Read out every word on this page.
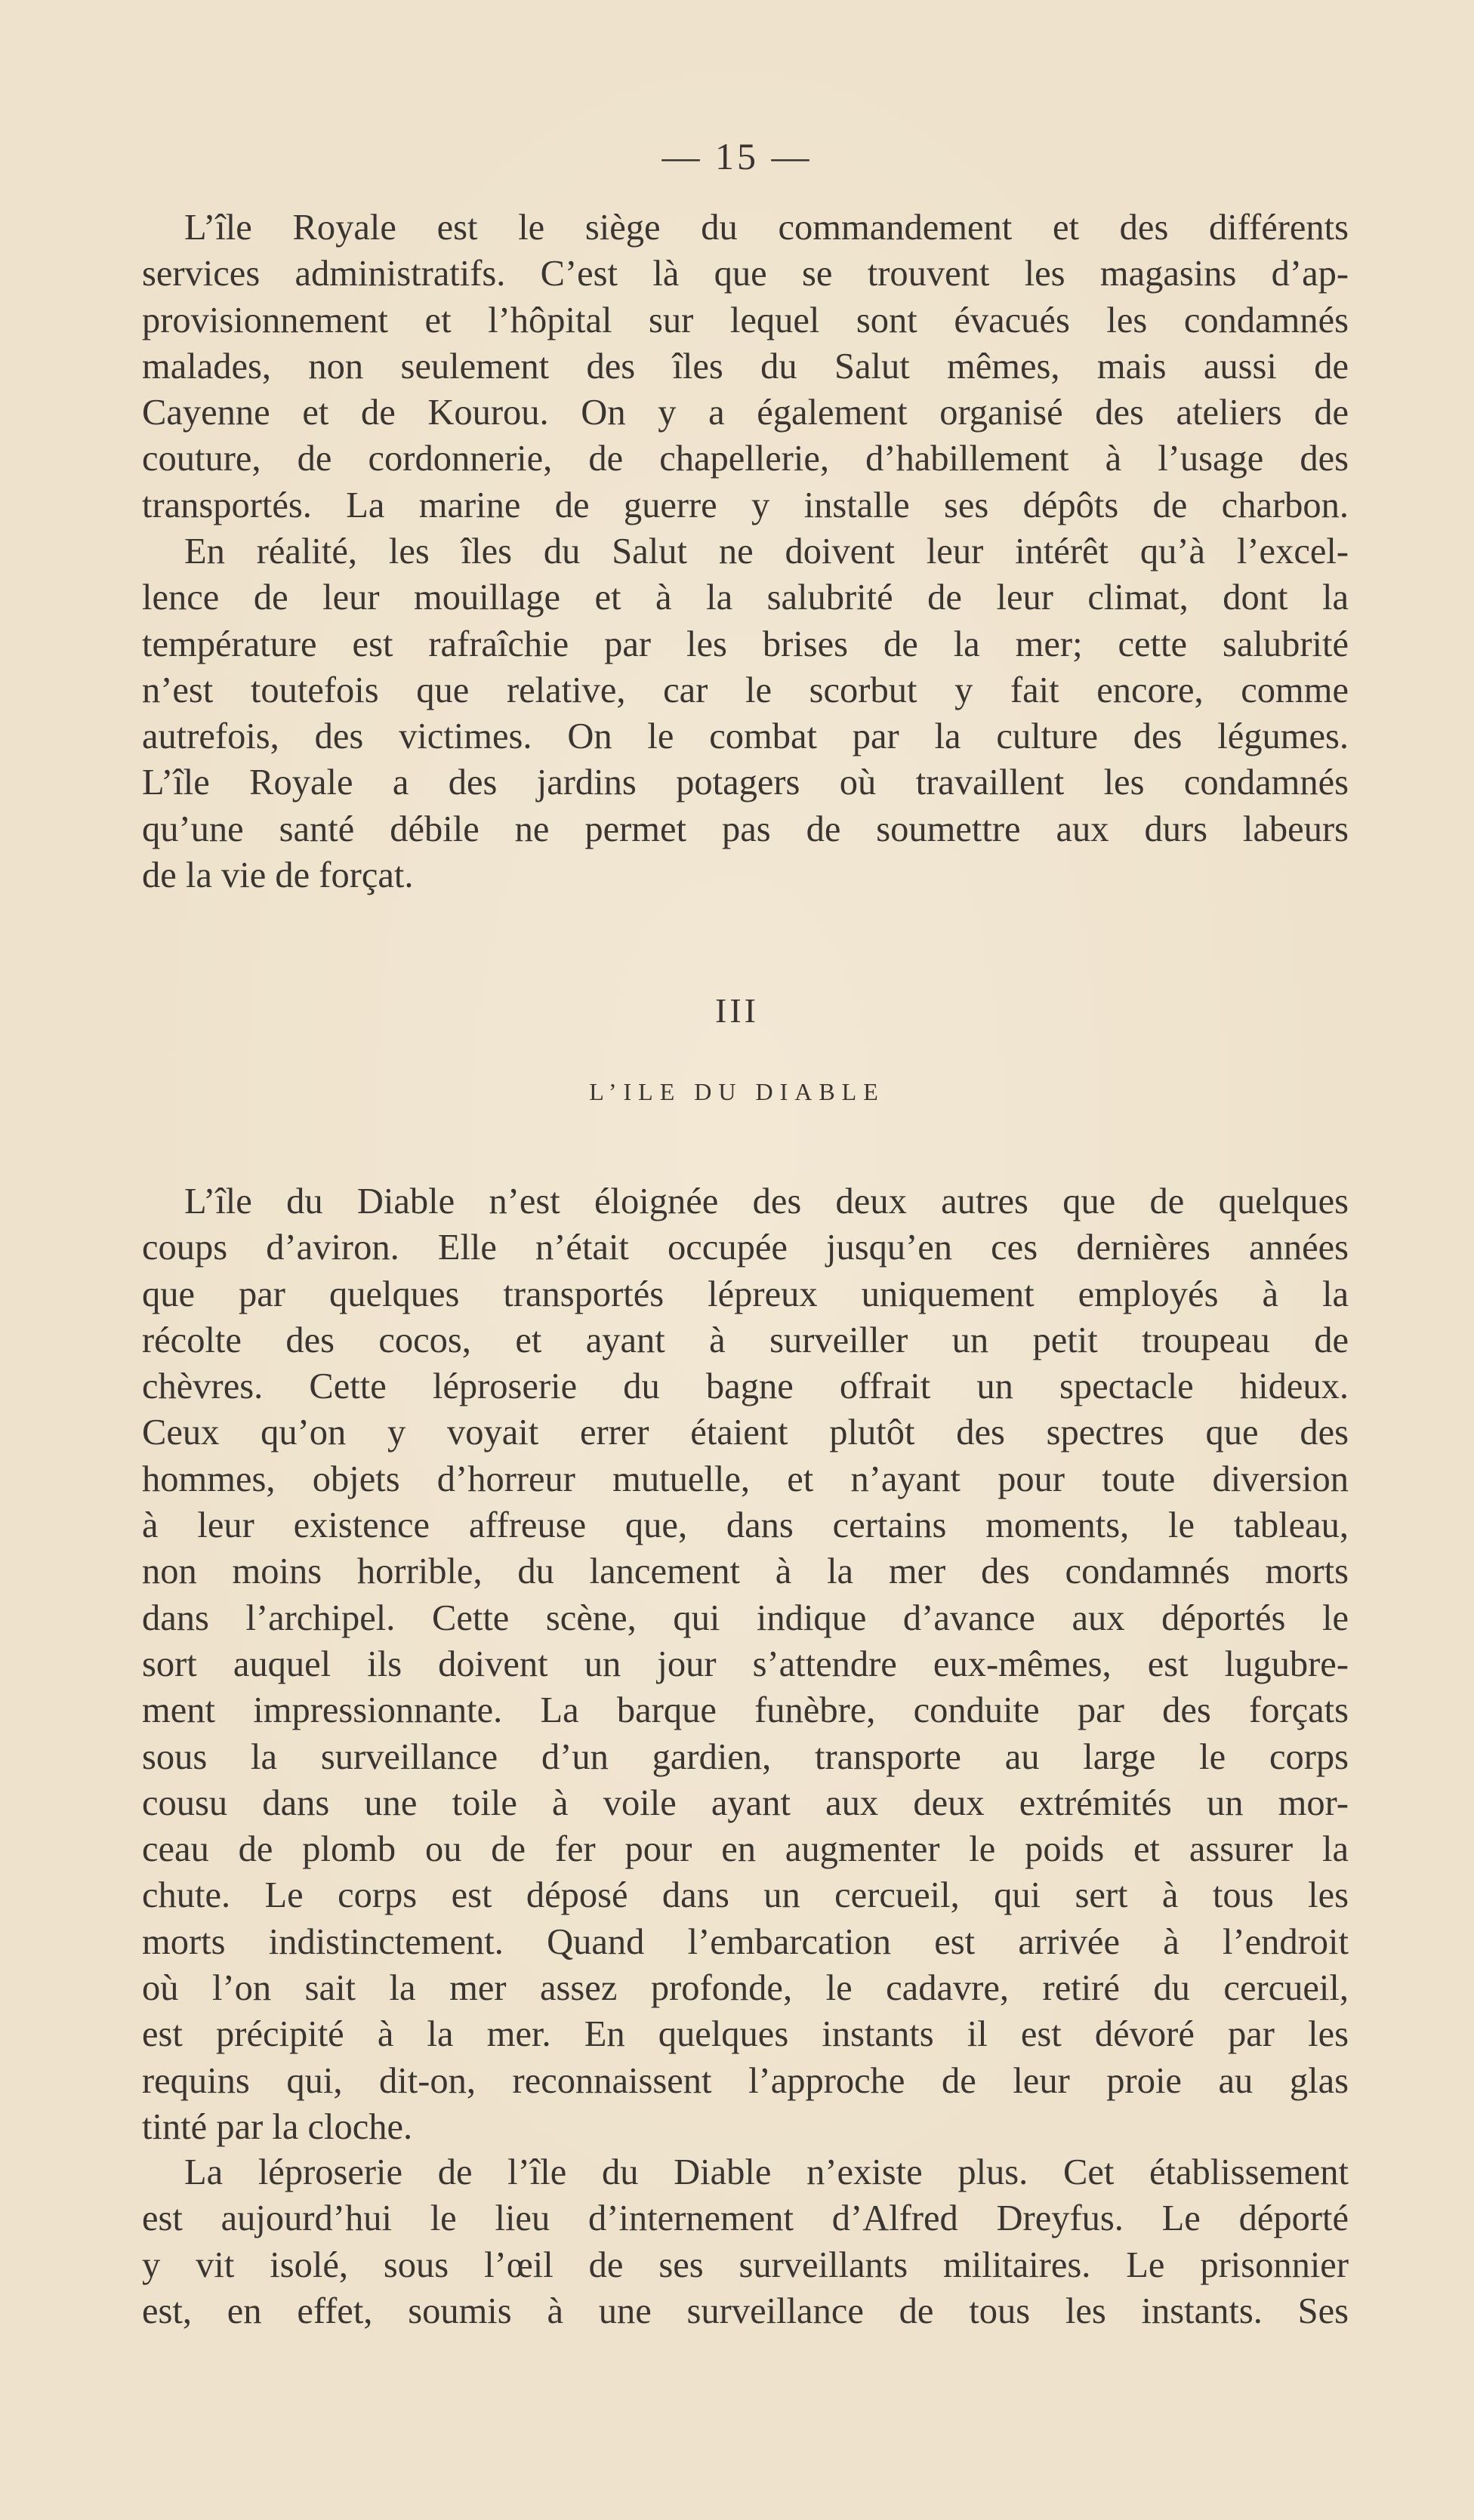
— 15 —
L’île Royale est le siège du commandement et des différents
services administratifs. C’est là que se trouvent les magasins d’ap-
provisionnement et l’hôpital sur lequel sont évacués les condamnés
malades, non seulement des îles du Salut mêmes, mais aussi de
Cayenne et de Kourou. On y a également organisé des ateliers de
couture, de cordonnerie, de chapellerie, d’habillement à l’usage des
transportés. La marine de guerre y installe ses dépôts de charbon.
En réalité, les îles du Salut ne doivent leur intérêt qu’à l’excel-
lence de leur mouillage et à la salubrité de leur climat, dont la
température est rafraîchie par les brises de la mer; cette salubrité
n’est toutefois que relative, car le scorbut y fait encore, comme
autrefois, des victimes. On le combat par la culture des légumes.
L’île Royale a des jardins potagers où travaillent les condamnés
qu’une santé débile ne permet pas de soumettre aux durs labeurs
de la vie de forçat.
III
L’ILE DU DIABLE
L’île du Diable n’est éloignée des deux autres que de quelques
coups d’aviron. Elle n’était occupée jusqu’en ces dernières années
que par quelques transportés lépreux uniquement employés à la
récolte des cocos, et ayant à surveiller un petit troupeau de
chèvres. Cette léproserie du bagne offrait un spectacle hideux.
Ceux qu’on y voyait errer étaient plutôt des spectres que des
hommes, objets d’horreur mutuelle, et n’ayant pour toute diversion
à leur existence affreuse que, dans certains moments, le tableau,
non moins horrible, du lancement à la mer des condamnés morts
dans l’archipel. Cette scène, qui indique d’avance aux déportés le
sort auquel ils doivent un jour s’attendre eux-mêmes, est lugubre-
ment impressionnante. La barque funèbre, conduite par des forçats
sous la surveillance d’un gardien, transporte au large le corps
cousu dans une toile à voile ayant aux deux extrémités un mor-
ceau de plomb ou de fer pour en augmenter le poids et assurer la
chute. Le corps est déposé dans un cercueil, qui sert à tous les
morts indistinctement. Quand l’embarcation est arrivée à l’endroit
où l’on sait la mer assez profonde, le cadavre, retiré du cercueil,
est précipité à la mer. En quelques instants il est dévoré par les
requins qui, dit-on, reconnaissent l’approche de leur proie au glas
tinté par la cloche.
La léproserie de l’île du Diable n’existe plus. Cet établissement
est aujourd’hui le lieu d’internement d’Alfred Dreyfus. Le déporté
y vit isolé, sous l’œil de ses surveillants militaires. Le prisonnier
est, en effet, soumis à une surveillance de tous les instants. Ses
